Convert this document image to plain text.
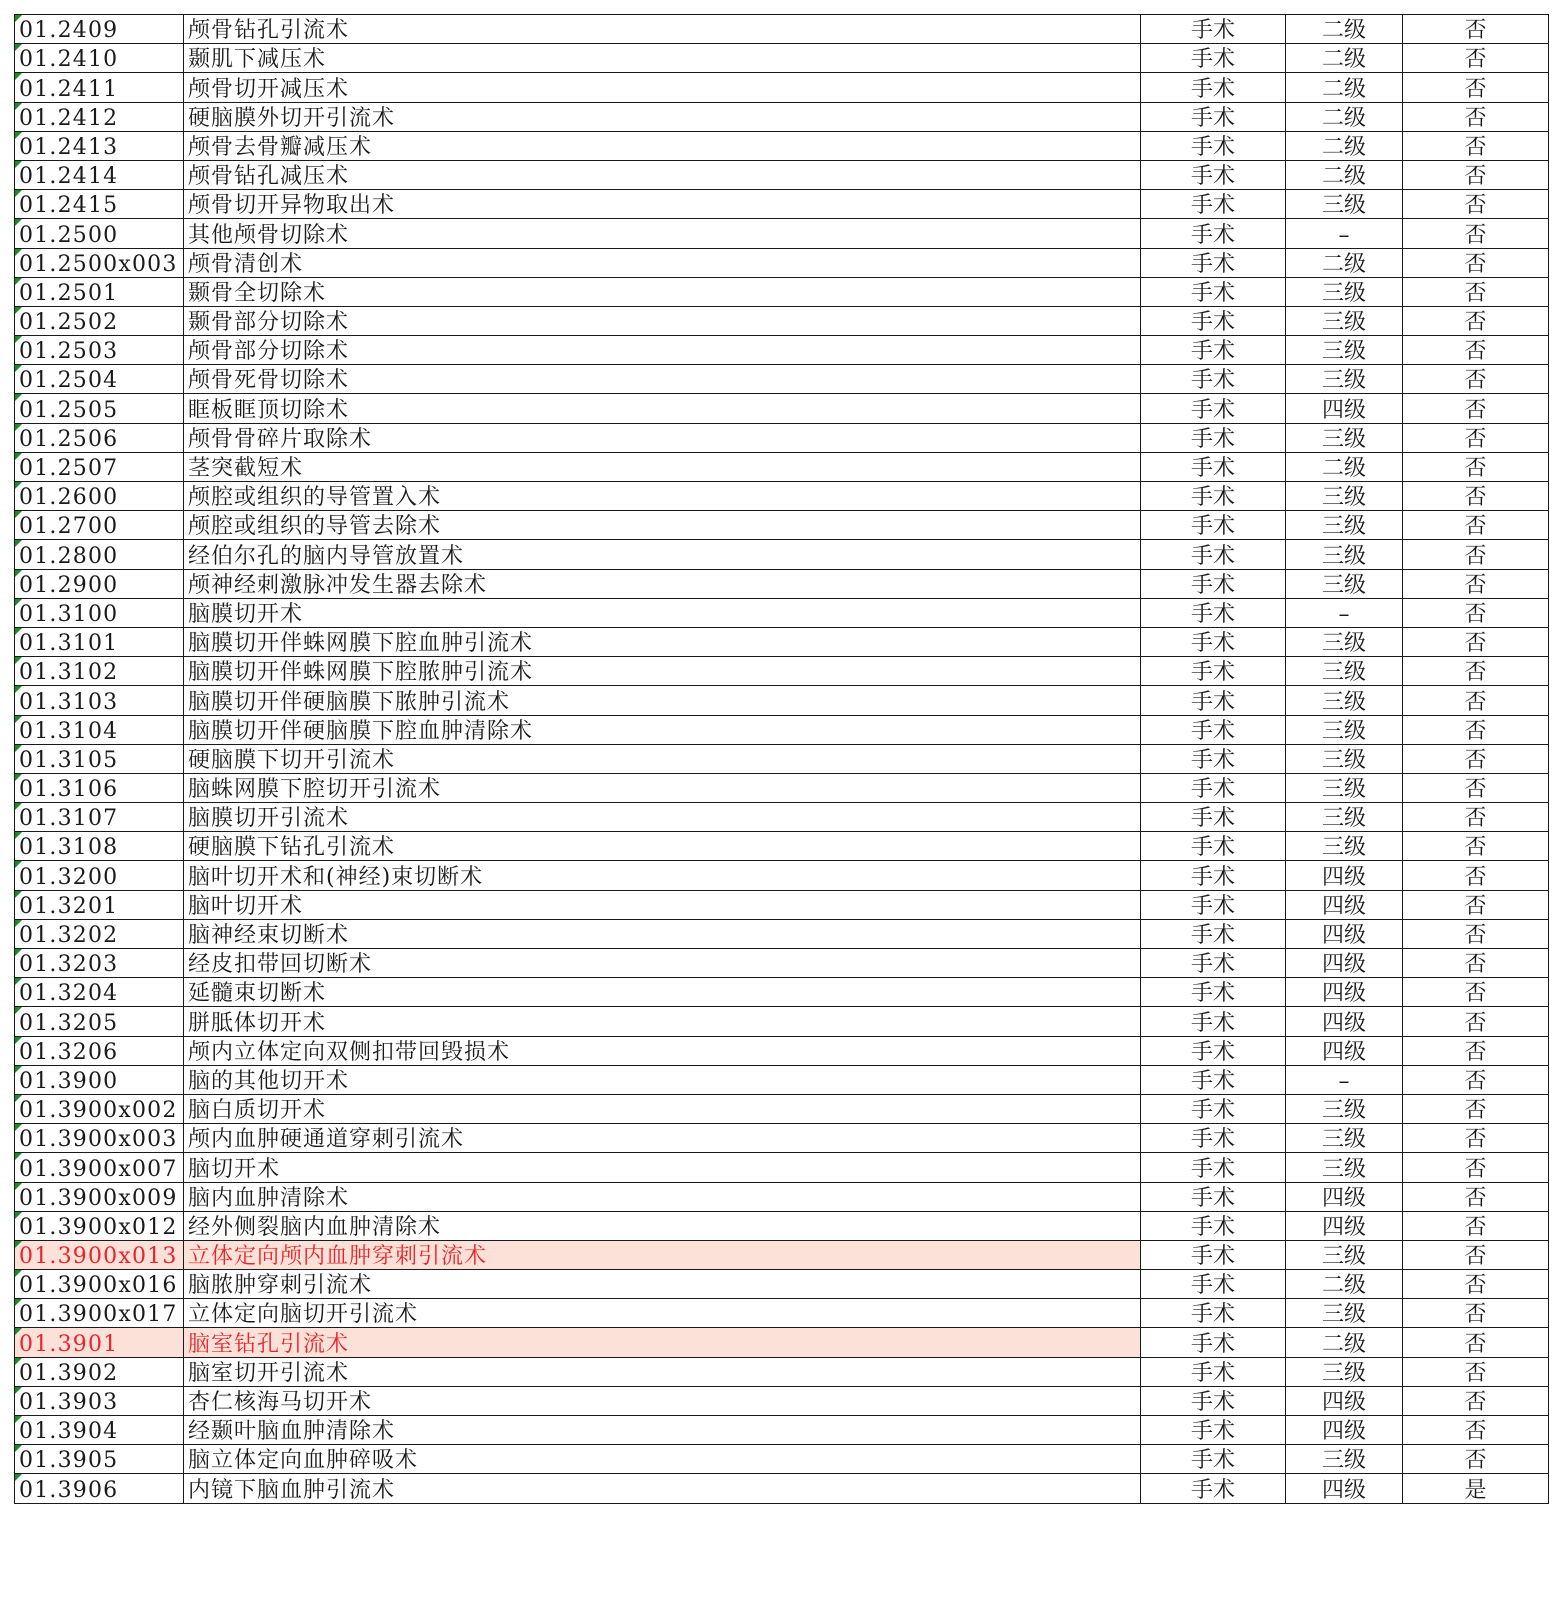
01.2409	颅骨钻孔引流术	手术	二级	否
01.2410	颞肌下减压术	手术	二级	否
01.2411	颅骨切开减压术	手术	二级	否
01.2412	硬脑膜外切开引流术	手术	二级	否
01.2413	颅骨去骨瓣减压术	手术	二级	否
01.2414	颅骨钻孔减压术	手术	二级	否
01.2415	颅骨切开异物取出术	手术	三级	否
01.2500	其他颅骨切除术	手术	–	否
01.2500x003	颅骨清创术	手术	二级	否
01.2501	颞骨全切除术	手术	三级	否
01.2502	颞骨部分切除术	手术	三级	否
01.2503	颅骨部分切除术	手术	三级	否
01.2504	颅骨死骨切除术	手术	三级	否
01.2505	眶板眶顶切除术	手术	四级	否
01.2506	颅骨骨碎片取除术	手术	三级	否
01.2507	茎突截短术	手术	二级	否
01.2600	颅腔或组织的导管置入术	手术	三级	否
01.2700	颅腔或组织的导管去除术	手术	三级	否
01.2800	经伯尔孔的脑内导管放置术	手术	三级	否
01.2900	颅神经刺激脉冲发生器去除术	手术	三级	否
01.3100	脑膜切开术	手术	–	否
01.3101	脑膜切开伴蛛网膜下腔血肿引流术	手术	三级	否
01.3102	脑膜切开伴蛛网膜下腔脓肿引流术	手术	三级	否
01.3103	脑膜切开伴硬脑膜下脓肿引流术	手术	三级	否
01.3104	脑膜切开伴硬脑膜下腔血肿清除术	手术	三级	否
01.3105	硬脑膜下切开引流术	手术	三级	否
01.3106	脑蛛网膜下腔切开引流术	手术	三级	否
01.3107	脑膜切开引流术	手术	三级	否
01.3108	硬脑膜下钻孔引流术	手术	三级	否
01.3200	脑叶切开术和(神经)束切断术	手术	四级	否
01.3201	脑叶切开术	手术	四级	否
01.3202	脑神经束切断术	手术	四级	否
01.3203	经皮扣带回切断术	手术	四级	否
01.3204	延髓束切断术	手术	四级	否
01.3205	胼胝体切开术	手术	四级	否
01.3206	颅内立体定向双侧扣带回毁损术	手术	四级	否
01.3900	脑的其他切开术	手术	–	否
01.3900x002	脑白质切开术	手术	三级	否
01.3900x003	颅内血肿硬通道穿刺引流术	手术	三级	否
01.3900x007	脑切开术	手术	三级	否
01.3900x009	脑内血肿清除术	手术	四级	否
01.3900x012	经外侧裂脑内血肿清除术	手术	四级	否
01.3900x013	立体定向颅内血肿穿刺引流术	手术	三级	否
01.3900x016	脑脓肿穿刺引流术	手术	二级	否
01.3900x017	立体定向脑切开引流术	手术	三级	否
01.3901	脑室钻孔引流术	手术	二级	否
01.3902	脑室切开引流术	手术	三级	否
01.3903	杏仁核海马切开术	手术	四级	否
01.3904	经颞叶脑血肿清除术	手术	四级	否
01.3905	脑立体定向血肿碎吸术	手术	三级	否
01.3906	内镜下脑血肿引流术	手术	四级	是
